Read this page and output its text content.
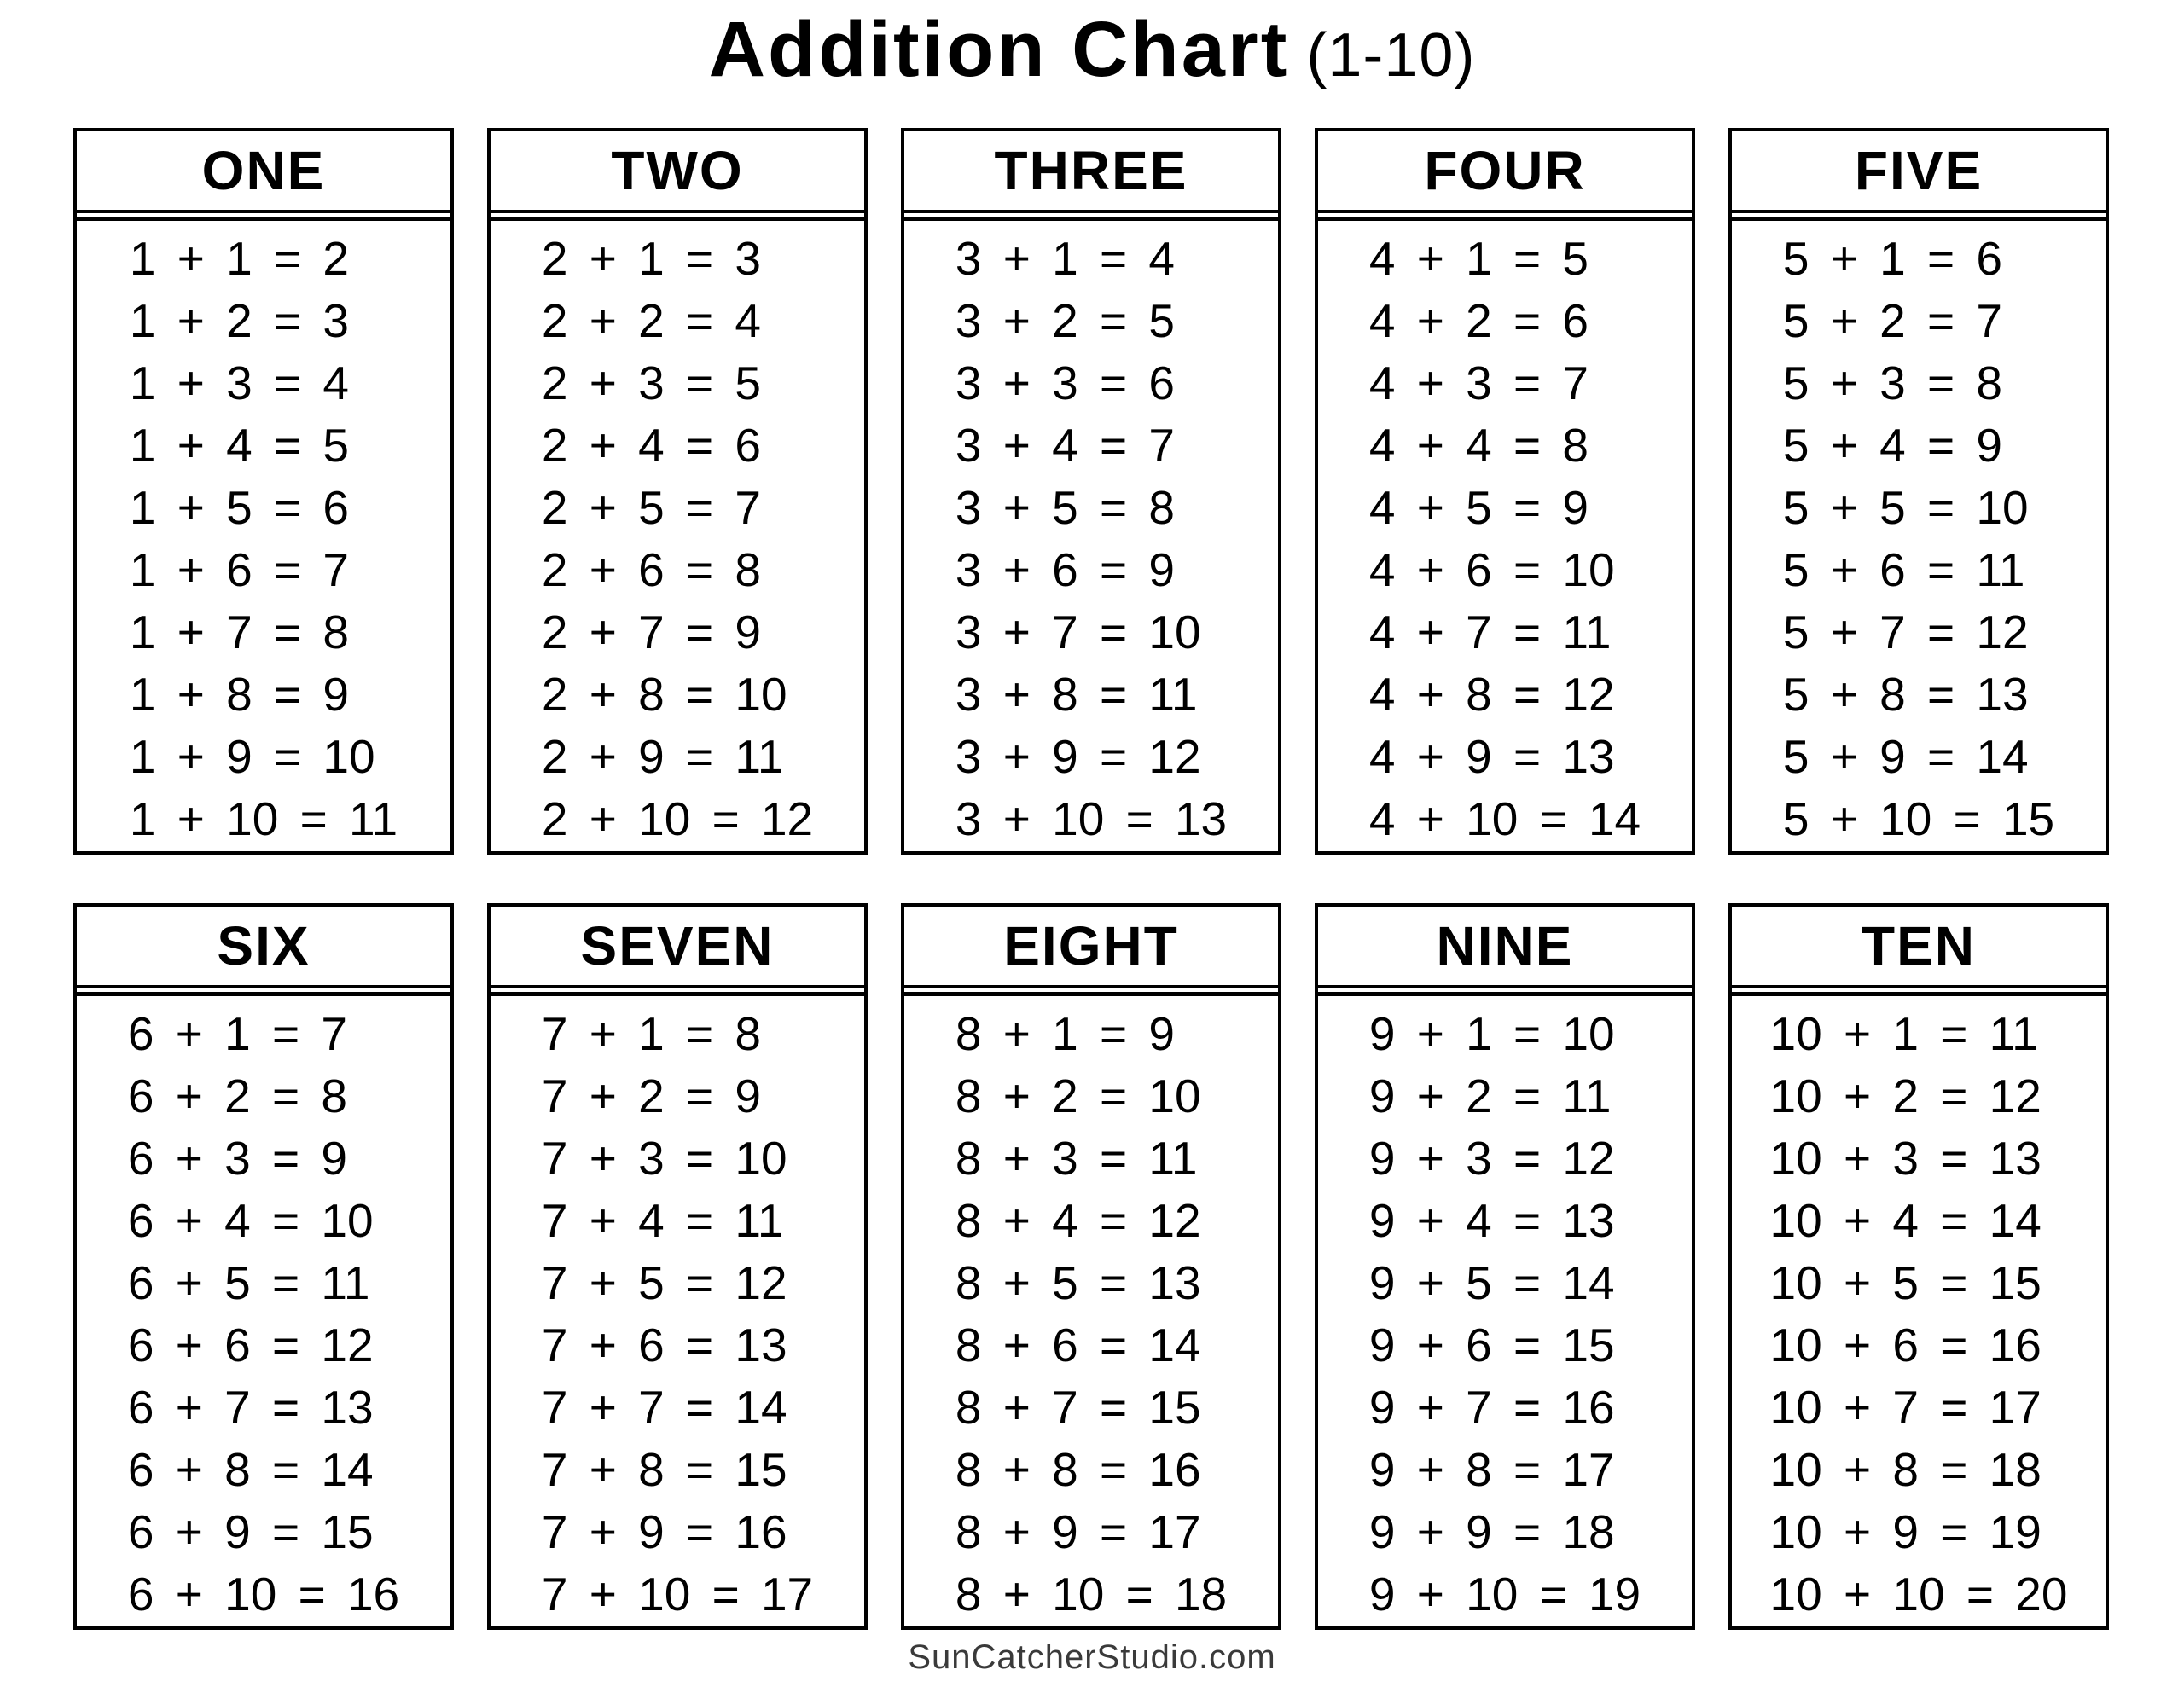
Addition Chart (1-10)
ONE
1 + 1 = 2
1 + 2 = 3
1 + 3 = 4
1 + 4 = 5
1 + 5 = 6
1 + 6 = 7
1 + 7 = 8
1 + 8 = 9
1 + 9 = 10
1 + 10 = 11
TWO
2 + 1 = 3
2 + 2 = 4
2 + 3 = 5
2 + 4 = 6
2 + 5 = 7
2 + 6 = 8
2 + 7 = 9
2 + 8 = 10
2 + 9 = 11
2 + 10 = 12
THREE
3 + 1 = 4
3 + 2 = 5
3 + 3 = 6
3 + 4 = 7
3 + 5 = 8
3 + 6 = 9
3 + 7 = 10
3 + 8 = 11
3 + 9 = 12
3 + 10 = 13
FOUR
4 + 1 = 5
4 + 2 = 6
4 + 3 = 7
4 + 4 = 8
4 + 5 = 9
4 + 6 = 10
4 + 7 = 11
4 + 8 = 12
4 + 9 = 13
4 + 10 = 14
FIVE
5 + 1 = 6
5 + 2 = 7
5 + 3 = 8
5 + 4 = 9
5 + 5 = 10
5 + 6 = 11
5 + 7 = 12
5 + 8 = 13
5 + 9 = 14
5 + 10 = 15
SIX
6 + 1 = 7
6 + 2 = 8
6 + 3 = 9
6 + 4 = 10
6 + 5 = 11
6 + 6 = 12
6 + 7 = 13
6 + 8 = 14
6 + 9 = 15
6 + 10 = 16
SEVEN
7 + 1 = 8
7 + 2 = 9
7 + 3 = 10
7 + 4 = 11
7 + 5 = 12
7 + 6 = 13
7 + 7 = 14
7 + 8 = 15
7 + 9 = 16
7 + 10 = 17
EIGHT
8 + 1 = 9
8 + 2 = 10
8 + 3 = 11
8 + 4 = 12
8 + 5 = 13
8 + 6 = 14
8 + 7 = 15
8 + 8 = 16
8 + 9 = 17
8 + 10 = 18
NINE
9 + 1 = 10
9 + 2 = 11
9 + 3 = 12
9 + 4 = 13
9 + 5 = 14
9 + 6 = 15
9 + 7 = 16
9 + 8 = 17
9 + 9 = 18
9 + 10 = 19
TEN
10 + 1 = 11
10 + 2 = 12
10 + 3 = 13
10 + 4 = 14
10 + 5 = 15
10 + 6 = 16
10 + 7 = 17
10 + 8 = 18
10 + 9 = 19
10 + 10 = 20
SunCatcherStudio.com
